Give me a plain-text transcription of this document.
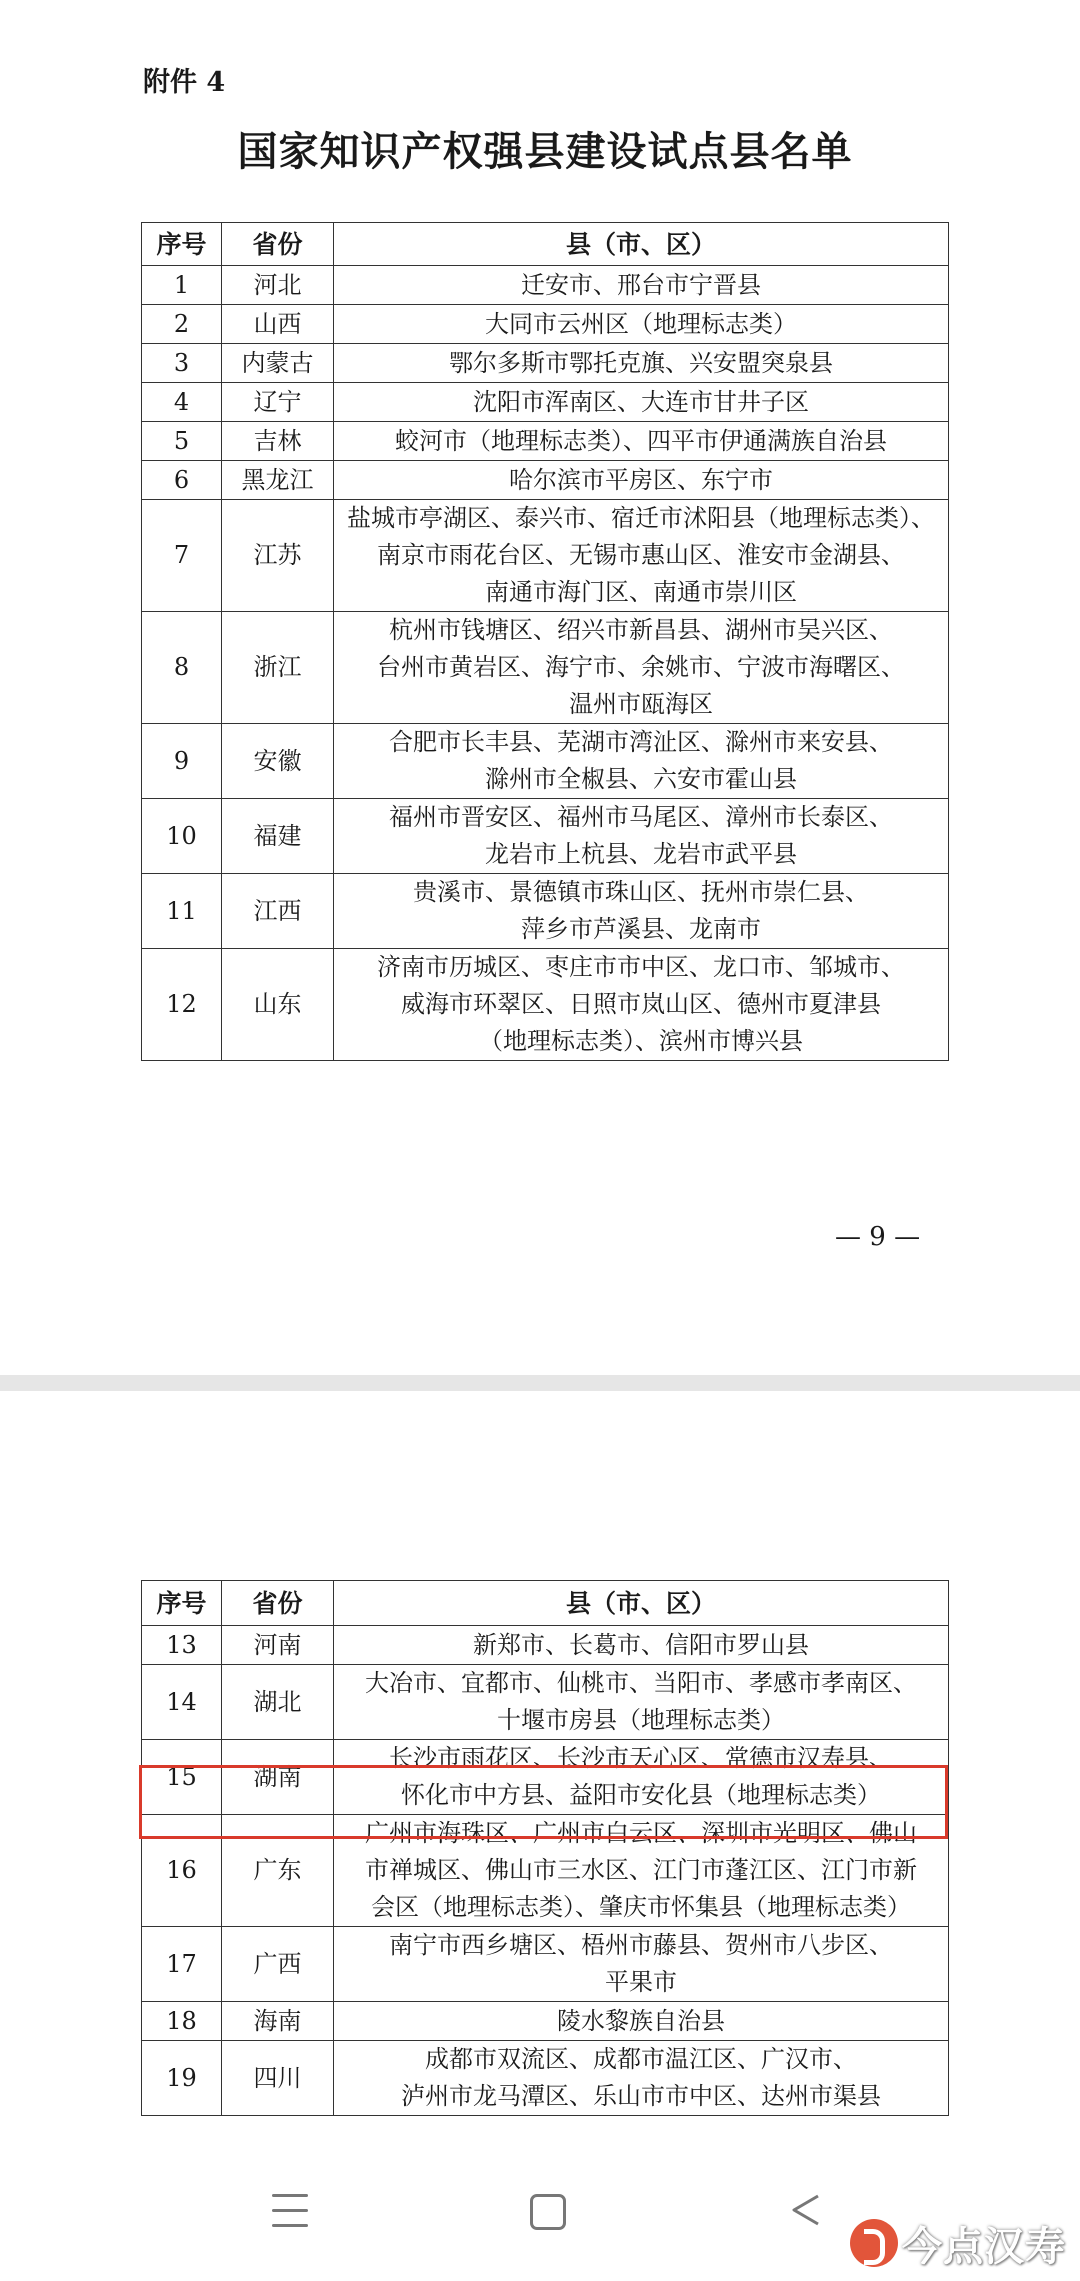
附件 4
国家知识产权强县建设试点县名单
序号	省份	县（市、区）
1	河北	迁安市、邢台市宁晋县

2	山西	大同市云州区（地理标志类）

3	内蒙古	鄂尔多斯市鄂托克旗、兴安盟突泉县

4	辽宁	沈阳市浑南区、大连市甘井子区

5	吉林	蛟河市（地理标志类）、四平市伊通满族自治县

6	黑龙江	哈尔滨市平房区、东宁市

7	江苏	盐城市亭湖区、泰兴市、宿迁市沭阳县（地理标志类）、
南京市雨花台区、无锡市惠山区、淮安市金湖县、
南通市海门区、南通市崇川区

8	浙江	杭州市钱塘区、绍兴市新昌县、湖州市吴兴区、
台州市黄岩区、海宁市、余姚市、宁波市海曙区、
温州市瓯海区

9	安徽	合肥市长丰县、芜湖市湾沚区、滁州市来安县、
滁州市全椒县、六安市霍山县

10	福建	福州市晋安区、福州市马尾区、漳州市长泰区、
龙岩市上杭县、龙岩市武平县

11	江西	贵溪市、景德镇市珠山区、抚州市崇仁县、
萍乡市芦溪县、龙南市

12	山东	济南市历城区、枣庄市市中区、龙口市、邹城市、
威海市环翠区、日照市岚山区、德州市夏津县
（地理标志类）、滨州市博兴县
— 9 —
序号	省份	县（市、区）
13	河南	新郑市、长葛市、信阳市罗山县

14	湖北	大冶市、宜都市、仙桃市、当阳市、孝感市孝南区、
十堰市房县（地理标志类）

15	湖南	长沙市雨花区、长沙市天心区、常德市汉寿县、
怀化市中方县、益阳市安化县（地理标志类）

16	广东	广州市海珠区、广州市白云区、深圳市光明区、佛山
市禅城区、佛山市三水区、江门市蓬江区、江门市新
会区（地理标志类）、肇庆市怀集县（地理标志类）

17	广西	南宁市西乡塘区、梧州市藤县、贺州市八步区、
平果市

18	海南	陵水黎族自治县

19	四川	成都市双流区、成都市温江区、广汉市、
泸州市龙马潭区、乐山市市中区、达州市渠县
今点汉寿
